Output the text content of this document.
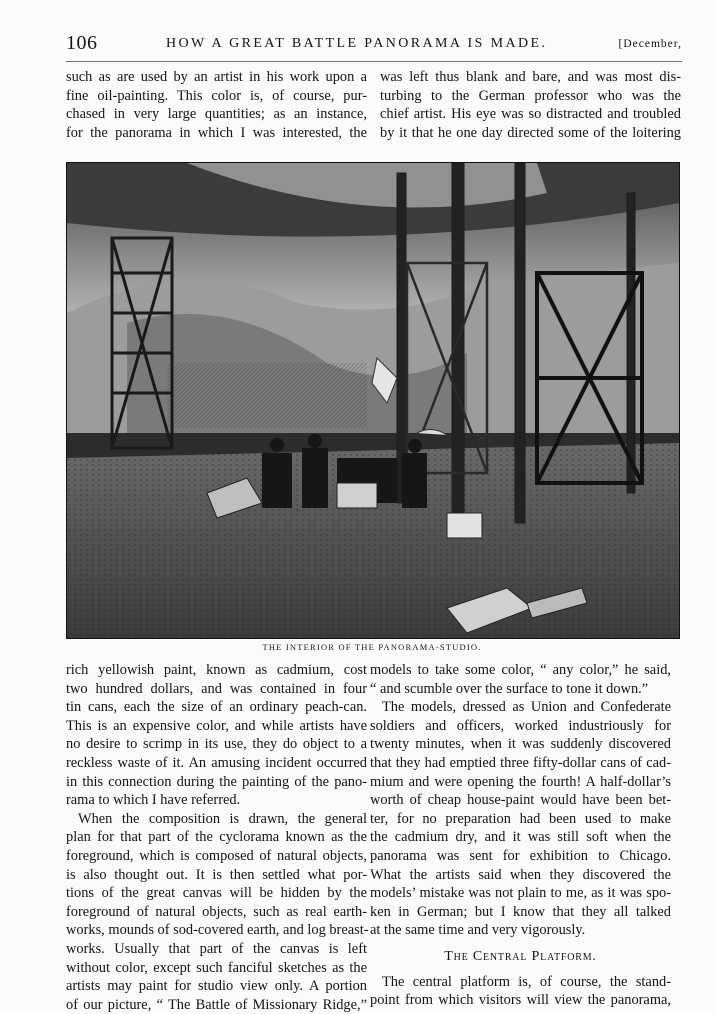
106	HOW A GREAT BATTLE PANORAMA IS MADE.	[December,
such as are used by an artist in his work upon a
fine oil-painting. This color is, of course, pur-
chased in very large quantities; as an instance,
for the panorama in which I was interested, the
was left thus blank and bare, and was most dis-
turbing to the German professor who was the
chief artist. His eye was so distracted and troubled
by it that he one day directed some of the loitering
THE INTERIOR OF THE PANORAMA-STUDIO.
rich yellowish paint, known as cadmium, cost
two hundred dollars, and was contained in four
tin cans, each the size of an ordinary peach-can.
This is an expensive color, and while artists have
no desire to scrimp in its use, they do object to a
reckless waste of it. An amusing incident occurred
in this connection during the painting of the pano-
rama to which I have referred.
When the composition is drawn, the general
plan for that part of the cyclorama known as the
foreground, which is composed of natural objects,
is also thought out. It is then settled what por-
tions of the great canvas will be hidden by the
foreground of natural objects, such as real earth-
works, mounds of sod-covered earth, and log breast-
works. Usually that part of the canvas is left
without color, except such fanciful sketches as the
artists may paint for studio view only. A portion
of our picture, “ The Battle of Missionary Ridge,”
models to take some color, “ any color,” he said,
“ and scumble over the surface to tone it down.”
The models, dressed as Union and Confederate
soldiers and officers, worked industriously for
twenty minutes, when it was suddenly discovered
that they had emptied three fifty-dollar cans of cad-
mium and were opening the fourth! A half-dollar’s
worth of cheap house-paint would have been bet-
ter, for no preparation had been used to make
the cadmium dry, and it was still soft when the
panorama was sent for exhibition to Chicago.
What the artists said when they discovered the
models’ mistake was not plain to me, as it was spo-
ken in German; but I know that they all talked
at the same time and very vigorously.
The Central Platform.
The central platform is, of course, the stand-
point from which visitors will view the panorama,
